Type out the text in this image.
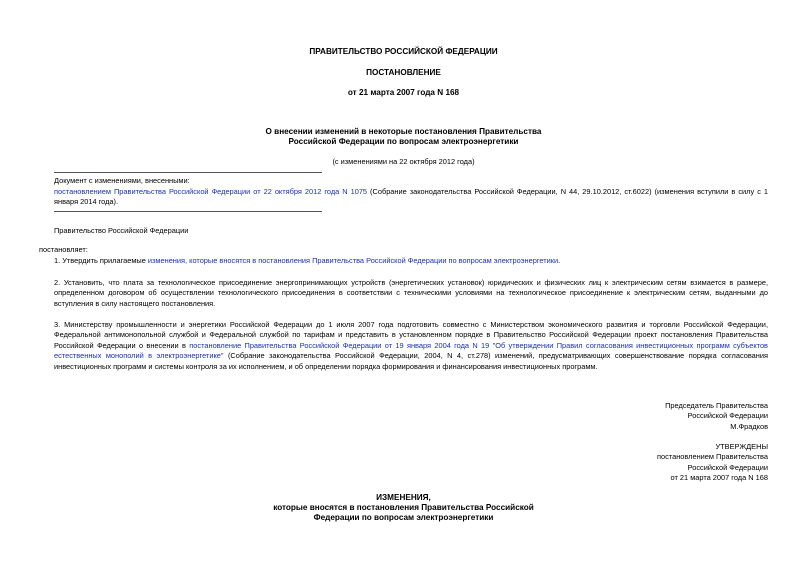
ПРАВИТЕЛЬСТВО РОССИЙСКОЙ ФЕДЕРАЦИИ
ПОСТАНОВЛЕНИЕ
от 21 марта 2007 года N 168
О внесении изменений в некоторые постановления Правительства
Российской Федерации по вопросам электроэнергетики
(с изменениями на 22 октября 2012 года)
Документ с изменениями, внесенными:
постановлением Правительства Российской Федерации от 22 октября 2012 года N 1075 (Собрание законодательства Российской Федерации, N 44, 29.10.2012, ст.6022) (изменения вступили в силу с 1 января 2014 года).
Правительство Российской Федерации
постановляет:
1. Утвердить прилагаемые изменения, которые вносятся в постановления Правительства Российской Федерации по вопросам электроэнергетики.
2. Установить, что плата за технологическое присоединение энергопринимающих устройств (энергетических установок) юридических и физических лиц к электрическим сетям взимается в размере, определенном договором об осуществлении технологического присоединения в соответствии с техническими условиями на технологическое присоединение к электрическим сетям, выданными до вступления в силу настоящего постановления.
3. Министерству промышленности и энергетики Российской Федерации до 1 июля 2007 года подготовить совместно с Министерством экономического развития и торговли Российской Федерации, Федеральной антимонопольной службой и Федеральной службой по тарифам и представить в установленном порядке в Правительство Российской Федерации проект постановления Правительства Российской Федерации о внесении в постановление Правительства Российской Федерации от 19 января 2004 года N 19 "Об утверждении Правил согласования инвестиционных программ субъектов естественных монополий в электроэнергетике" (Собрание законодательства Российской Федерации, 2004, N 4, ст.278) изменений, предусматривающих совершенствование порядка согласования инвестиционных программ и системы контроля за их исполнением, и об определении порядка формирования и финансирования инвестиционных программ.
Председатель Правительства
Российской Федерации
М.Фрадков
УТВЕРЖДЕНЫ
постановлением Правительства
Российской Федерации
от 21 марта 2007 года N 168
ИЗМЕНЕНИЯ,
которые вносятся в постановления Правительства Российской
Федерации по вопросам электроэнергетики
